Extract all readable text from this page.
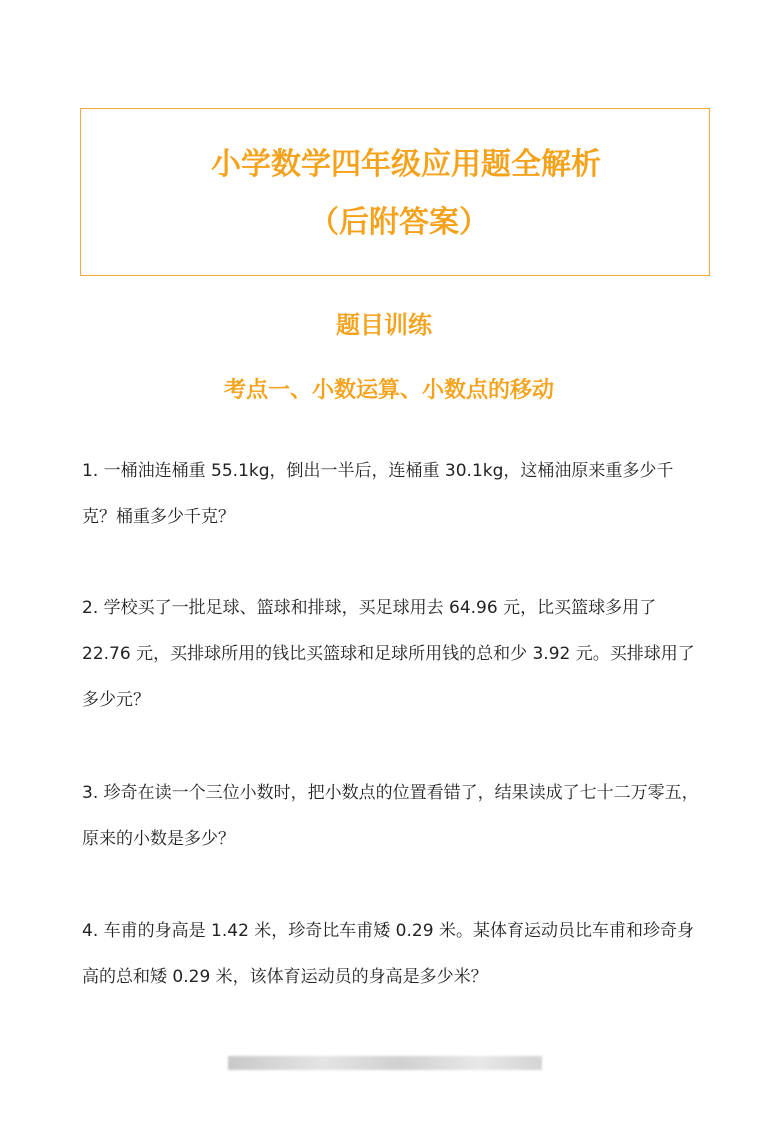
小学数学四年级应用题全解析
（后附答案）
题目训练
考点一、小数运算、小数点的移动

1. 一桶油连桶重 55.1kg，倒出一半后，连桶重 30.1kg，这桶油原来重多少千克？桶重多少千克？

2. 学校买了一批足球、篮球和排球，买足球用去 64.96 元，比买篮球多用了 22.76 元，买排球所用的钱比买篮球和足球所用钱的总和少 3.92 元。买排球用了多少元？

3. 珍奇在读一个三位小数时，把小数点的位置看错了，结果读成了七十二万零五，原来的小数是多少？

4. 车甫的身高是 1.42 米，珍奇比车甫矮 0.29 米。某体育运动员比车甫和珍奇身高的总和矮 0.29 米，该体育运动员的身高是多少米？
